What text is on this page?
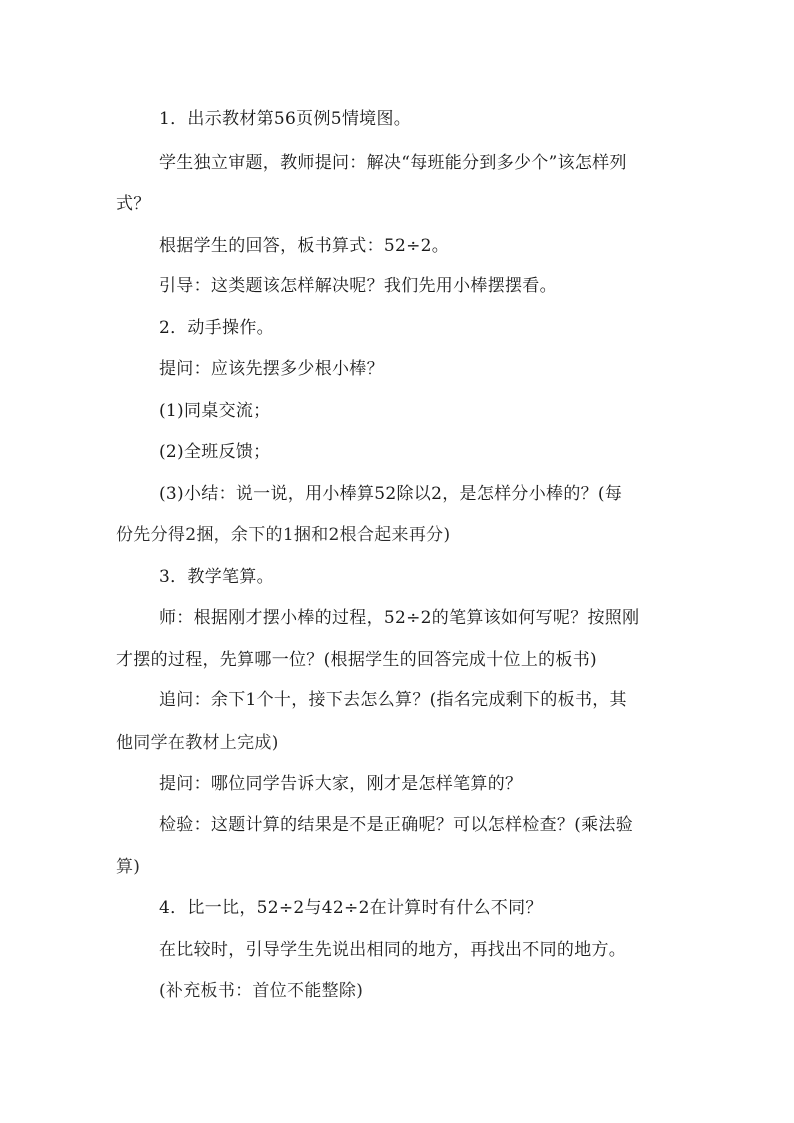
1．出示教材第56页例5情境图。
学生独立审题，教师提问：解决“每班能分到多少个”该怎样列
式？
根据学生的回答，板书算式：52÷2。
引导：这类题该怎样解决呢？我们先用小棒摆摆看。
2．动手操作。
提问：应该先摆多少根小棒？
(1)同桌交流；
(2)全班反馈；
(3)小结：说一说，用小棒算52除以2，是怎样分小棒的？(每
份先分得2捆，余下的1捆和2根合起来再分)
3．教学笔算。
师：根据刚才摆小棒的过程，52÷2的笔算该如何写呢？按照刚
才摆的过程，先算哪一位？(根据学生的回答完成十位上的板书)
追问：余下1个十，接下去怎么算？(指名完成剩下的板书，其
他同学在教材上完成)
提问：哪位同学告诉大家，刚才是怎样笔算的？
检验：这题计算的结果是不是正确呢？可以怎样检查？(乘法验
算)
4．比一比，52÷2与42÷2在计算时有什么不同？
在比较时，引导学生先说出相同的地方，再找出不同的地方。
(补充板书：首位不能整除)
